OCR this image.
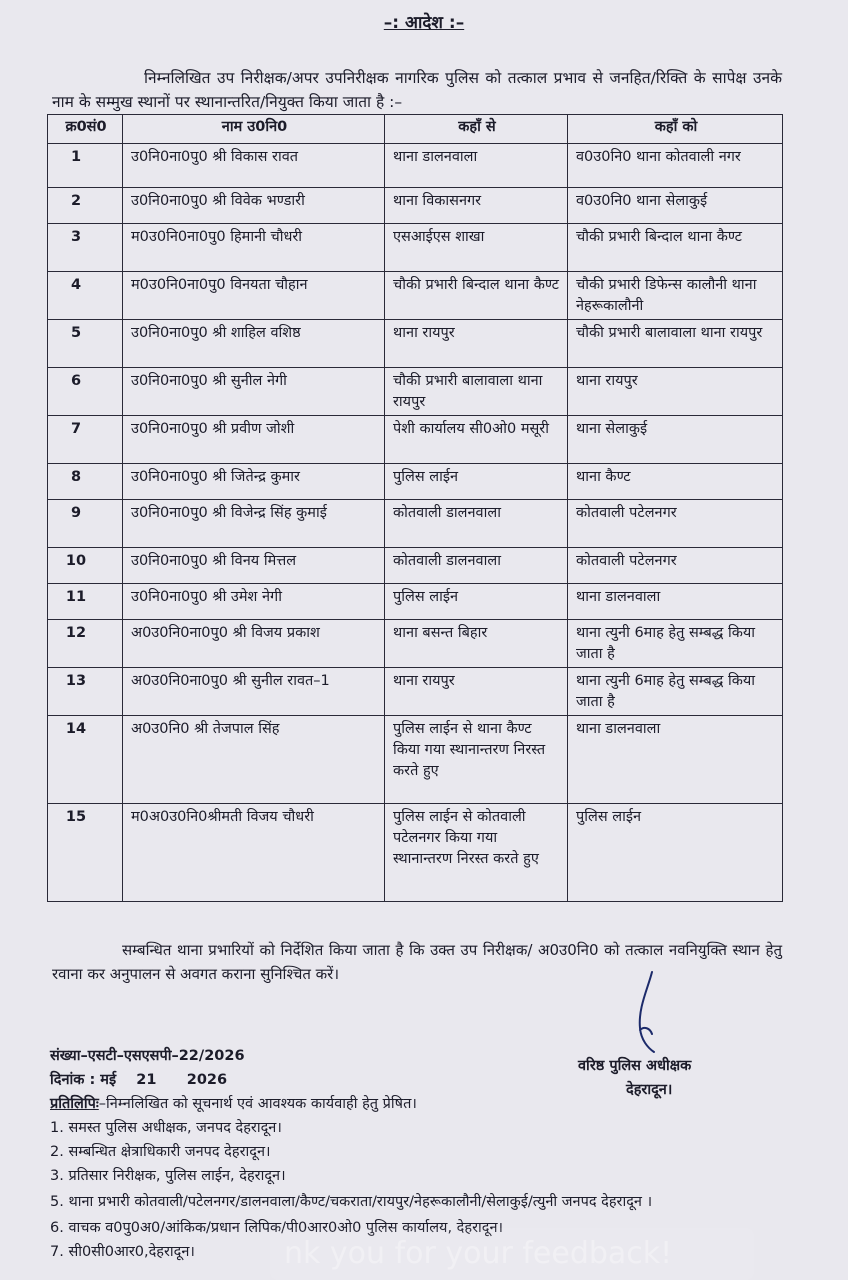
–: आदेश :–
निम्नलिखित उप निरीक्षक/अपर उपनिरीक्षक नागरिक पुलिस को तत्काल प्रभाव से जनहित/रिक्ति के सापेक्ष उनके नाम के सम्मुख स्थानों पर स्थानान्तरित/नियुक्त किया जाता है :–
क्र0सं0	नाम उ0नि0	कहाँ से	कहाँ को
1	उ0नि0ना0पु0 श्री विकास रावत	थाना डालनवाला	व0उ0नि0 थाना कोतवाली नगर
2	उ0नि0ना0पु0 श्री विवेक भण्डारी	थाना विकासनगर	व0उ0नि0 थाना सेलाकुई
3	म0उ0नि0ना0पु0 हिमानी चौधरी	एसआईएस शाखा	चौकी प्रभारी बिन्दाल थाना कैण्ट
4	म0उ0नि0ना0पु0 विनयता चौहान	चौकी प्रभारी बिन्दाल थाना कैण्ट	चौकी प्रभारी डिफेन्स कालौनी थाना नेहरूकालौनी
5	उ0नि0ना0पु0 श्री शाहिल वशिष्ठ	थाना रायपुर	चौकी प्रभारी बालावाला थाना रायपुर
6	उ0नि0ना0पु0 श्री सुनील नेगी	चौकी प्रभारी बालावाला थाना रायपुर	थाना रायपुर
7	उ0नि0ना0पु0 श्री प्रवीण जोशी	पेशी कार्यालय सी0ओ0 मसूरी	थाना सेलाकुई
8	उ0नि0ना0पु0 श्री जितेन्द्र कुमार	पुलिस लाईन	थाना कैण्ट
9	उ0नि0ना0पु0 श्री विजेन्द्र सिंह कुमाई	कोतवाली डालनवाला	कोतवाली पटेलनगर
10	उ0नि0ना0पु0 श्री विनय मित्तल	कोतवाली डालनवाला	कोतवाली पटेलनगर
11	उ0नि0ना0पु0 श्री उमेश नेगी	पुलिस लाईन	थाना डालनवाला
12	अ0उ0नि0ना0पु0 श्री विजय प्रकाश	थाना बसन्त बिहार	थाना त्युनी 6माह हेतु सम्बद्ध किया जाता है
13	अ0उ0नि0ना0पु0 श्री सुनील रावत–1	थाना रायपुर	थाना त्युनी 6माह हेतु सम्बद्ध किया जाता है
14	अ0उ0नि0 श्री तेजपाल सिंह	पुलिस लाईन से थाना कैण्ट किया गया स्थानान्तरण निरस्त करते हुए	थाना डालनवाला
15	म0अ0उ0नि0श्रीमती विजय चौधरी	पुलिस लाईन से कोतवाली पटेलनगर किया गया स्थानान्तरण निरस्त करते हुए	पुलिस लाईन
सम्बन्धित थाना प्रभारियों को निर्देशित किया जाता है कि उक्त उप निरीक्षक/ अ0उ0नि0 को तत्काल नवनियुक्ति स्थान हेतु रवाना कर अनुपालन से अवगत कराना सुनिश्चित करें।
वरिष्ठ पुलिस अधीक्षक
देहरादून।
संख्या–एसटी–एसएसपी–22/2026
दिनांक : मई    21      2026
प्रतिलिपिः–निम्नलिखित को सूचनार्थ एवं आवश्यक कार्यवाही हेतु प्रेषित।
1. समस्त पुलिस अधीक्षक, जनपद देहरादून।
2. सम्बन्धित क्षेत्राधिकारी जनपद देहरादून।
3. प्रतिसार निरीक्षक, पुलिस लाईन, देहरादून।
5. थाना प्रभारी कोतवाली/पटेलनगर/डालनवाला/कैण्ट/चकराता/रायपुर/नेहरूकालौनी/सेलाकुई/त्युनी जनपद देहरादून ।
6. वाचक व0पु0अ0/आंकिक/प्रधान लिपिक/पी0आर0ओ0 पुलिस कार्यालय, देहरादून।
7. सी0सी0आर0,देहरादून।	nk you for your feedback!
